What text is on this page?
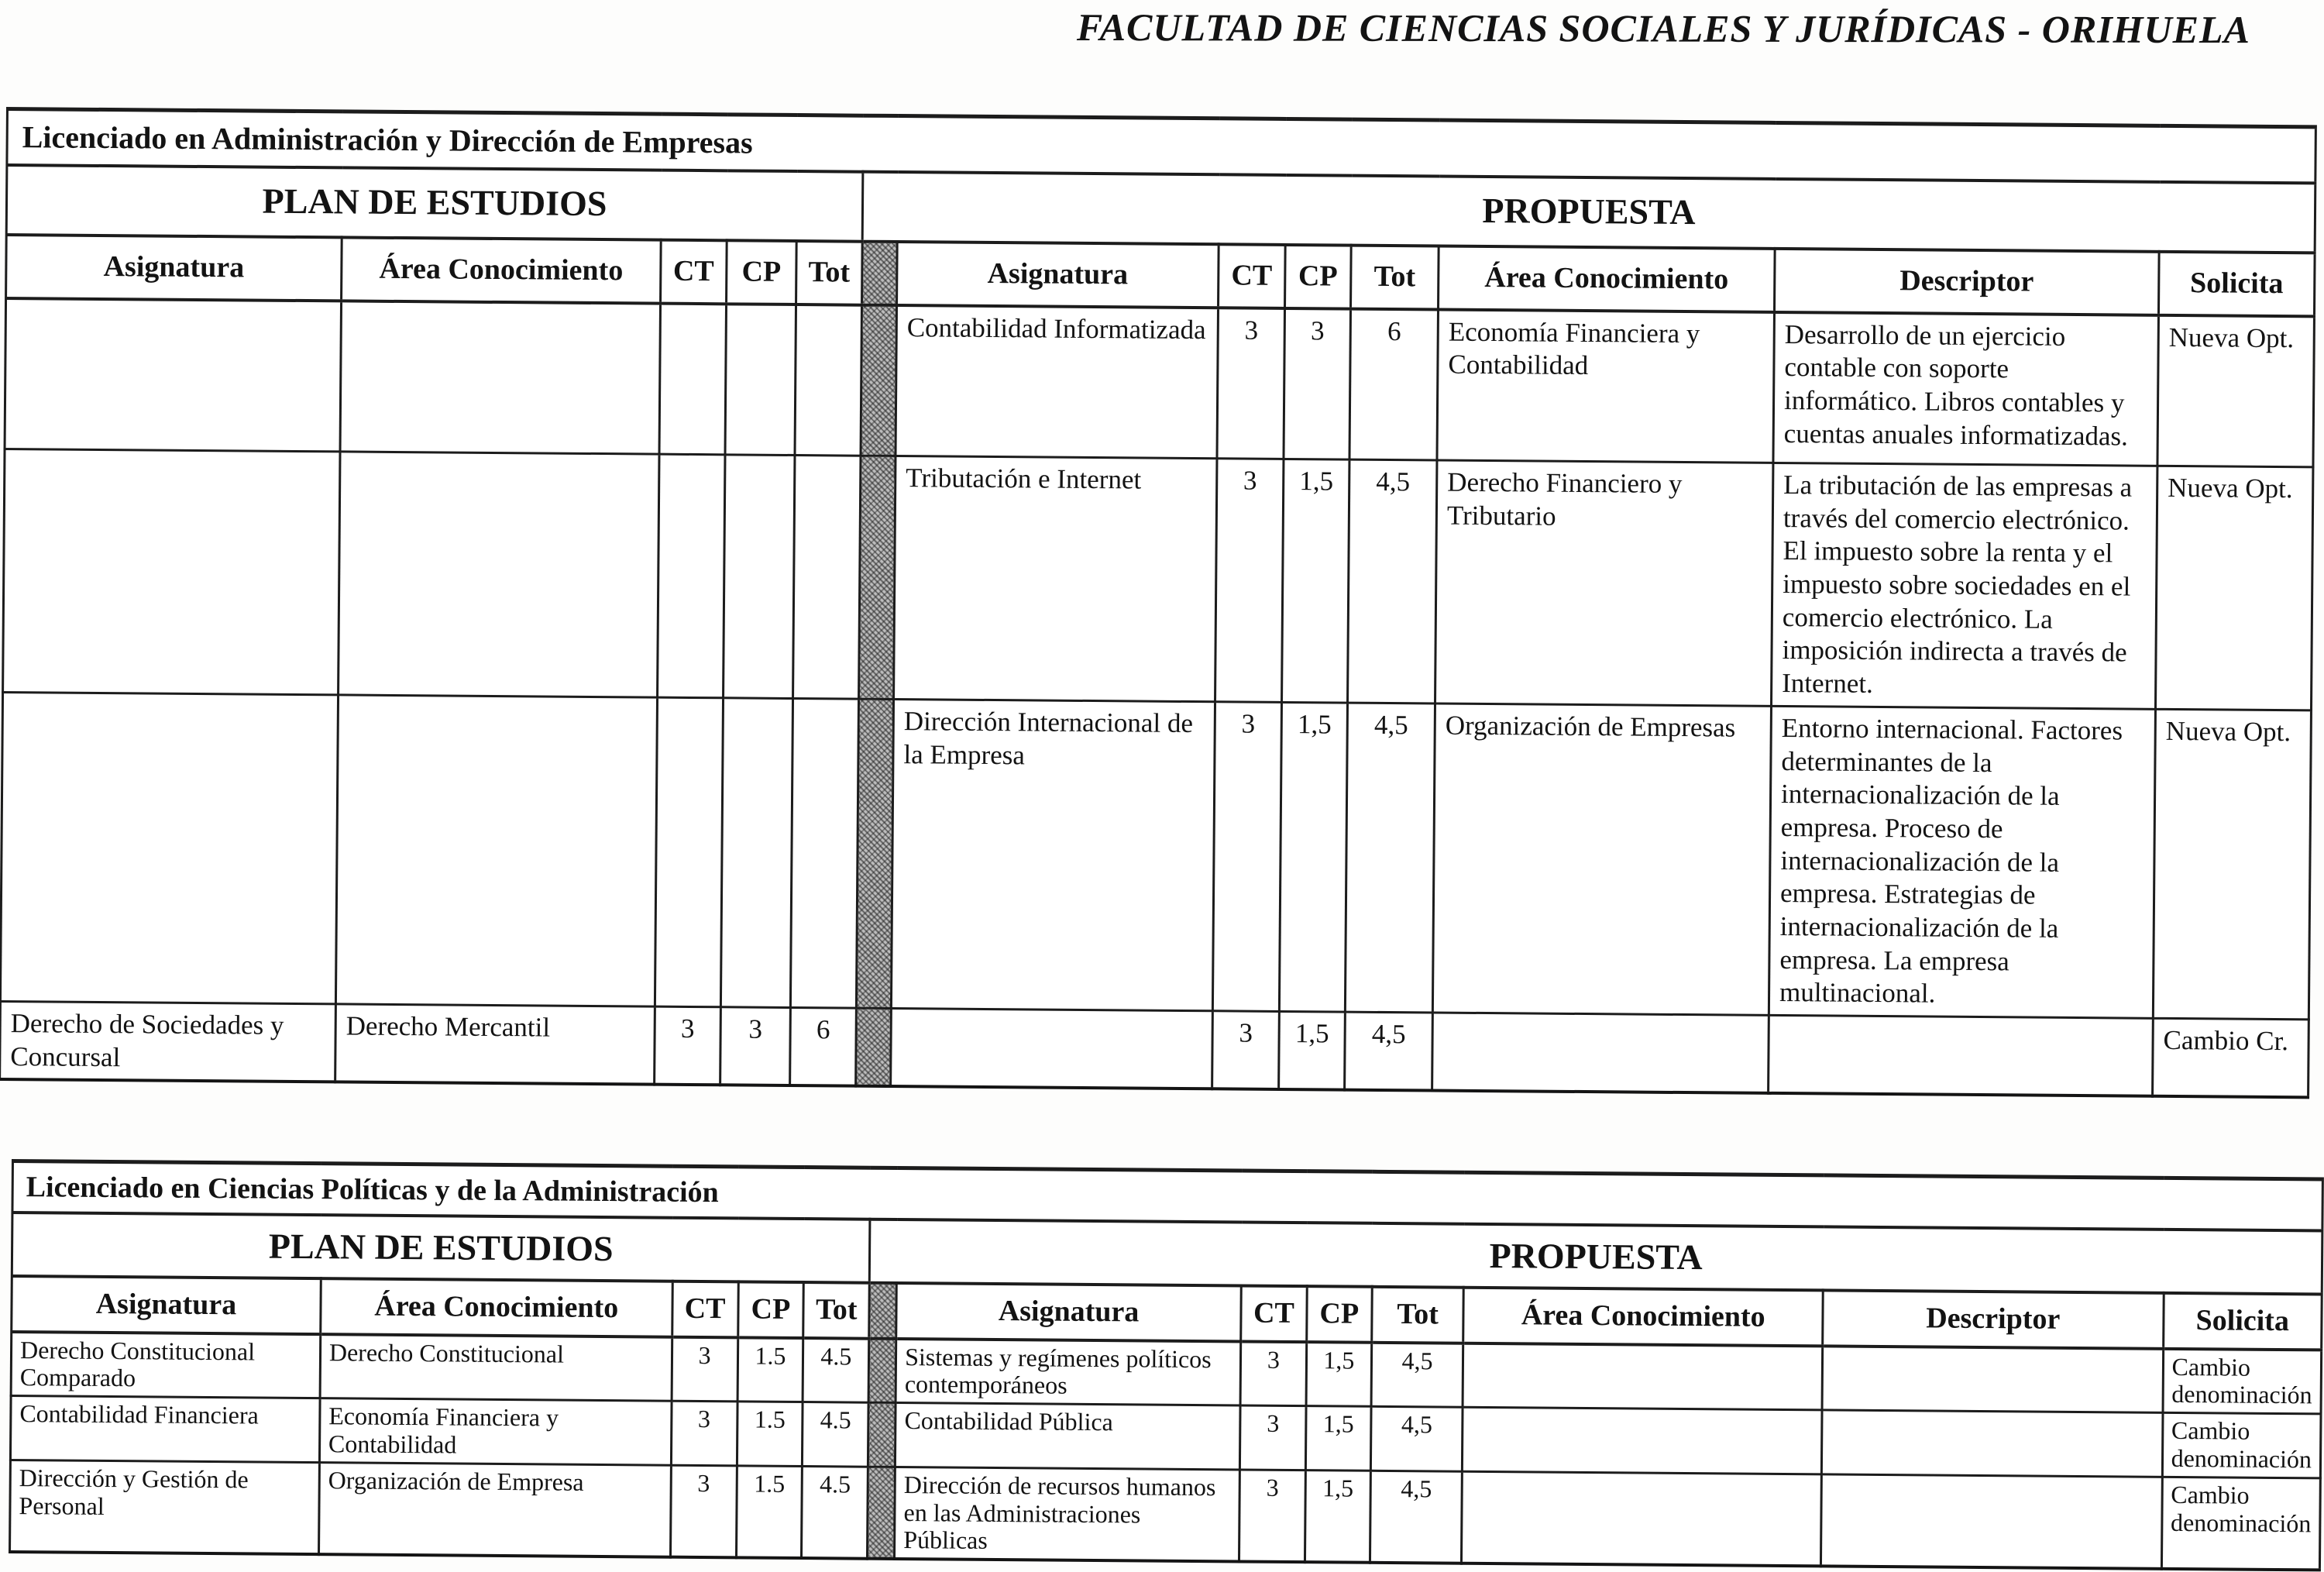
FACULTAD DE CIENCIAS SOCIALES Y JURÍDICAS - ORIHUELA
Licenciado en Administración y Dirección de Empresas												
PLAN DE ESTUDIOS					PROPUESTA							
Asignatura	Área Conocimiento	CT	CP	Tot		Asignatura	CT	CP	Tot	Área Conocimiento	Descriptor	Solicita
						Contabilidad Informatizada	3	3	6	Economía Financiera y Contabilidad	Desarrollo de un ejercicio contable con soporte informático. Libros contables y cuentas anuales informatizadas.	Nueva Opt.
						Tributación e Internet	3	1,5	4,5	Derecho Financiero y Tributario	La tributación de las empresas a través del comercio electrónico. El impuesto sobre la renta y el impuesto sobre sociedades en el comercio electrónico. La imposición indirecta a través de Internet.	Nueva Opt.
						Dirección Internacional de la Empresa	3	1,5	4,5	Organización de Empresas	Entorno internacional. Factores determinantes de la internacionalización de la empresa. Proceso de internacionalización de la empresa. Estrategias de internacionalización de la empresa. La empresa multinacional.	Nueva Opt.
Derecho de Sociedades y Concursal	Derecho Mercantil	3	3	6			3	1,5	4,5			Cambio Cr.
Licenciado en Ciencias Políticas y de la Administración												
PLAN DE ESTUDIOS					PROPUESTA							
Asignatura	Área Conocimiento	CT	CP	Tot		Asignatura	CT	CP	Tot	Área Conocimiento	Descriptor	Solicita
Derecho Constitucional Comparado	Derecho Constitucional	3	1.5	4.5		Sistemas y regímenes políticos contemporáneos	3	1,5	4,5			Cambio denominación
Contabilidad Financiera	Economía Financiera y Contabilidad	3	1.5	4.5		Contabilidad Pública	3	1,5	4,5			Cambio denominación
Dirección y Gestión de Personal	Organización de Empresa	3	1.5	4.5		Dirección de recursos humanos en las Administraciones Públicas	3	1,5	4,5			Cambio denominación
